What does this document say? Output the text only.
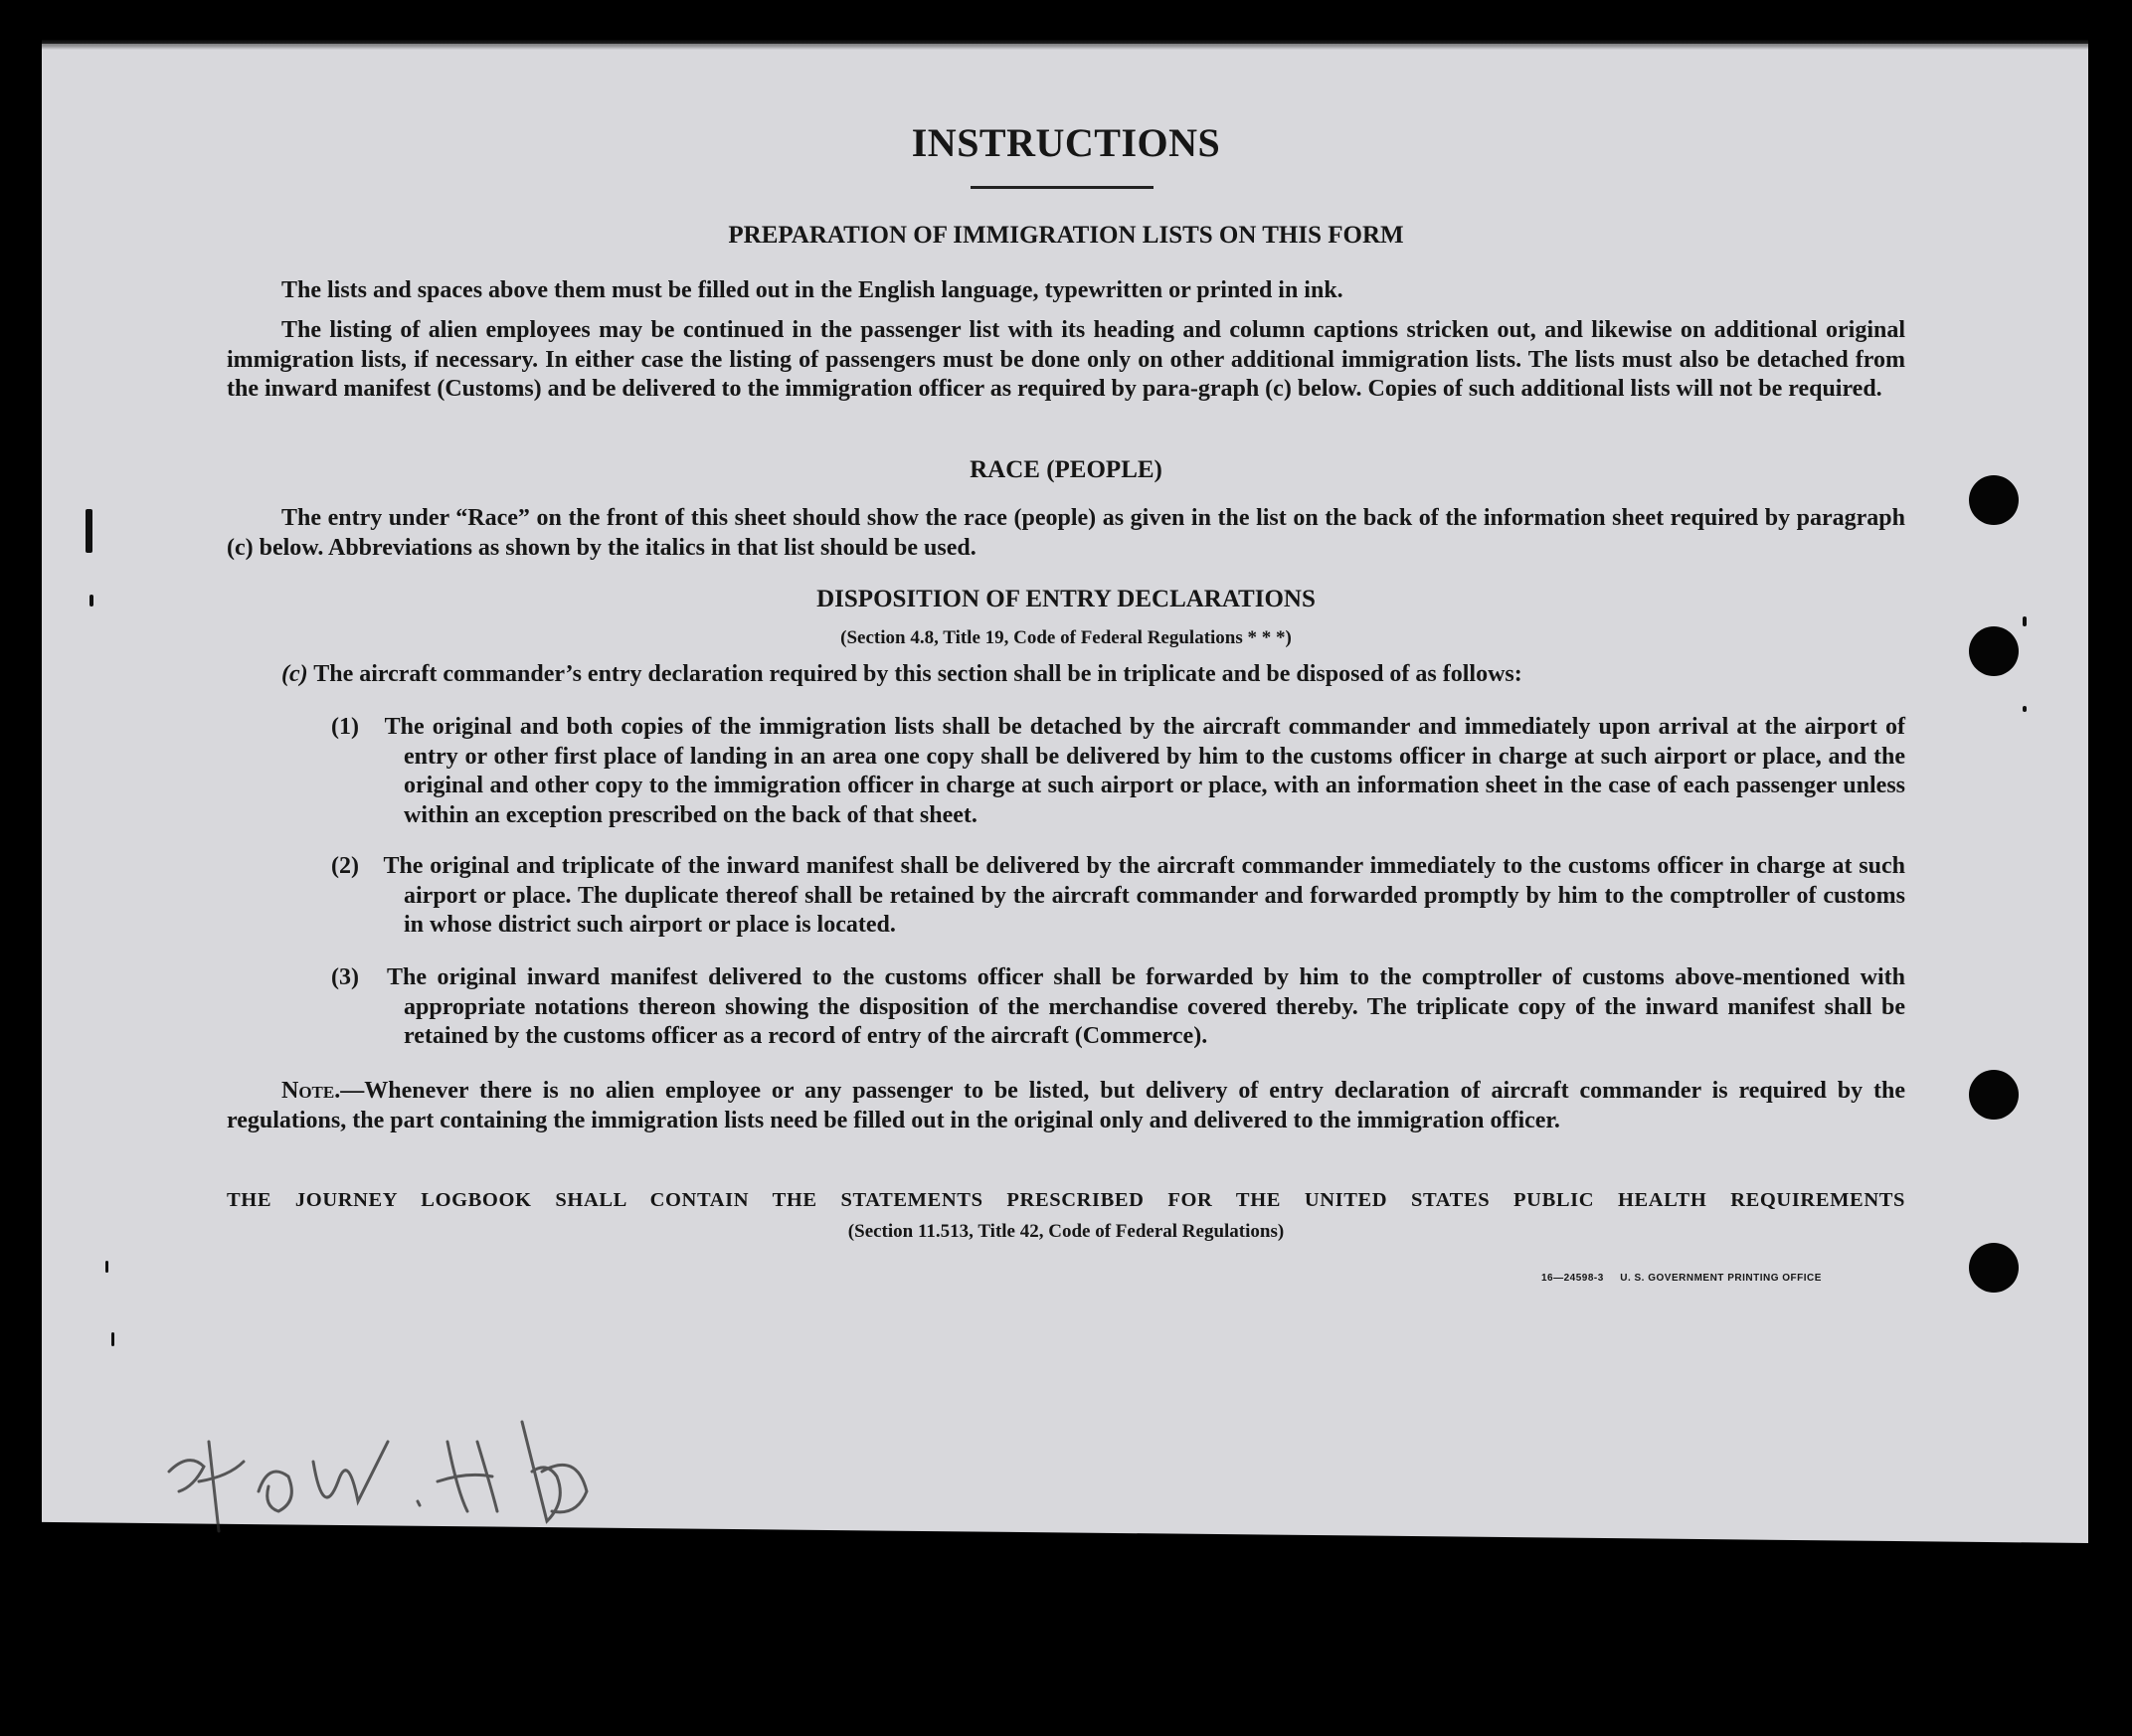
INSTRUCTIONS
PREPARATION OF IMMIGRATION LISTS ON THIS FORM
The lists and spaces above them must be filled out in the English language, typewritten or printed in ink.
The listing of alien employees may be continued in the passenger list with its heading and column captions stricken out, and likewise on additional original immigration lists, if necessary. In either case the listing of passengers must be done only on other additional immigration lists. The lists must also be detached from the inward manifest (Customs) and be delivered to the immigration officer as required by para-graph (c) below. Copies of such additional lists will not be required.
RACE (PEOPLE)
The entry under “Race” on the front of this sheet should show the race (people) as given in the list on the back of the information sheet required by paragraph (c) below. Abbreviations as shown by the italics in that list should be used.
DISPOSITION OF ENTRY DECLARATIONS
(Section 4.8, Title 19, Code of Federal Regulations * * *)
(c) The aircraft commander’s entry declaration required by this section shall be in triplicate and be disposed of as follows:
(1) The original and both copies of the immigration lists shall be detached by the aircraft commander and immediately upon arrival at the airport of entry or other first place of landing in an area one copy shall be delivered by him to the customs officer in charge at such airport or place, and the original and other copy to the immigration officer in charge at such airport or place, with an information sheet in the case of each passenger unless within an exception prescribed on the back of that sheet.
(2) The original and triplicate of the inward manifest shall be delivered by the aircraft commander immediately to the customs officer in charge at such airport or place. The duplicate thereof shall be retained by the aircraft commander and forwarded promptly by him to the comptroller of customs in whose district such airport or place is located.
(3) The original inward manifest delivered to the customs officer shall be forwarded by him to the comptroller of customs above-mentioned with appropriate notations thereon showing the disposition of the merchandise covered thereby. The triplicate copy of the inward manifest shall be retained by the customs officer as a record of entry of the aircraft (Commerce).
Note.—Whenever there is no alien employee or any passenger to be listed, but delivery of entry declaration of aircraft commander is required by the regulations, the part containing the immigration lists need be filled out in the original only and delivered to the immigration officer.
THE JOURNEY LOGBOOK SHALL CONTAIN THE STATEMENTS PRESCRIBED FOR THE UNITED STATES PUBLIC HEALTH REQUIREMENTS
(Section 11.513, Title 42, Code of Federal Regulations)
16—24598-3 U. S. GOVERNMENT PRINTING OFFICE
